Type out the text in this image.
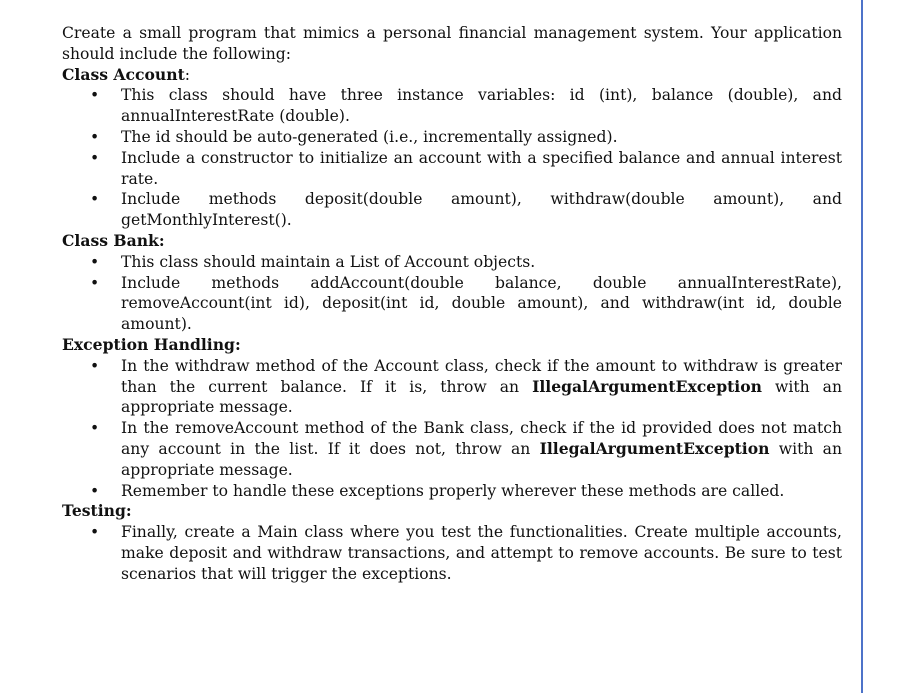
Create a small program that mimics a personal financial management system. Your application should include the following:

Class Account:

• This class should have three instance variables: id (int), balance (double), and annualInterestRate (double).
• The id should be auto-generated (i.e., incrementally assigned).
• Include a constructor to initialize an account with a specified balance and annual interest rate.
• Include methods deposit(double amount), withdraw(double amount), and getMonthlyInterest().

Class Bank:

• This class should maintain a List of Account objects.
• Include methods addAccount(double balance, double annualInterestRate), removeAccount(int id), deposit(int id, double amount), and withdraw(int id, double amount).

Exception Handling:

• In the withdraw method of the Account class, check if the amount to withdraw is greater than the current balance. If it is, throw an IllegalArgumentException with an appropriate message.
• In the removeAccount method of the Bank class, check if the id provided does not match any account in the list. If it does not, throw an IllegalArgumentException with an appropriate message.
• Remember to handle these exceptions properly wherever these methods are called.

Testing:

• Finally, create a Main class where you test the functionalities. Create multiple accounts, make deposit and withdraw transactions, and attempt to remove accounts. Be sure to test scenarios that will trigger the exceptions.
